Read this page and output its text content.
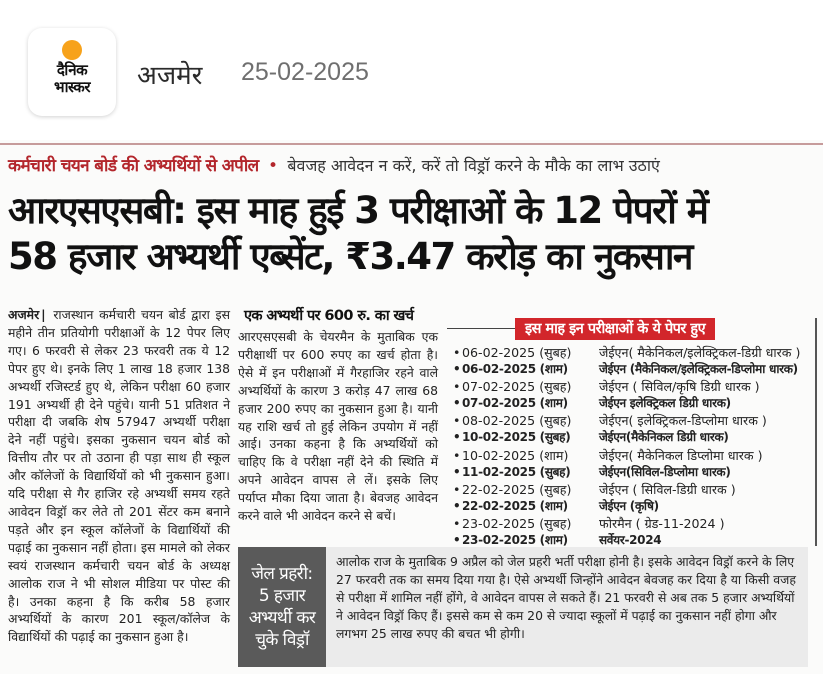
दैनिक
भास्कर अजमेर 25-02-2025
कर्मचारी चयन बोर्ड की अभ्यर्थियों से अपील • बेवजह आवेदन न करें, करें तो विड्रॉ करने के मौके का लाभ उठाएं
आरएसएसबी: इस माह हुई 3 परीक्षाओं के 12 पेपरों में
58 हजार अभ्यर्थी एब्सेंट, ₹3.47 करोड़ का नुकसान
अजमेर | राजस्थान कर्मचारी चयन बोर्ड द्वारा इस महीने तीन प्रतियोगी परीक्षाओं के 12 पेपर लिए गए। 6 फरवरी से लेकर 23 फरवरी तक ये 12 पेपर हुए थे। इनके लिए 1 लाख 18 हजार 138 अभ्यर्थी रजिस्टर्ड हुए थे, लेकिन परीक्षा 60 हजार 191 अभ्यर्थी ही देने पहुंचे। यानी 51 प्रतिशत ने परीक्षा दी जबकि शेष 57947 अभ्यर्थी परीक्षा देने नहीं पहुंचे। इसका नुकसान चयन बोर्ड को वित्तीय तौर पर तो उठाना ही पड़ा साथ ही स्कूल और कॉलेजों के विद्यार्थियों को भी नुकसान हुआ। यदि परीक्षा से गैर हाजिर रहे अभ्यर्थी समय रहते आवेदन विड्रॉ कर लेते तो 201 सेंटर कम बनाने पड़ते और इन स्कूल कॉलेजों के विद्यार्थियों की पढ़ाई का नुकसान नहीं होता। इस मामले को लेकर स्वयं राजस्थान कर्मचारी चयन बोर्ड के अध्यक्ष आलोक राज ने भी सोशल मीडिया पर पोस्ट की है। उनका कहना है कि करीब 58 हजार अभ्यर्थियों के कारण 201 स्कूल/कॉलेज के विद्यार्थियों की पढ़ाई का नुकसान हुआ है।
एक अभ्यर्थी पर 600 रु. का खर्च
आरएसएसबी के चेयरमैन के मुताबिक एक परीक्षार्थी पर 600 रुपए का खर्च होता है। ऐसे में इन परीक्षाओं में गैरहाजिर रहने वाले अभ्यर्थियों के कारण 3 करोड़ 47 लाख 68 हजार 200 रुपए का नुकसान हुआ है। यानी यह राशि खर्च तो हुई लेकिन उपयोग में नहीं आई। उनका कहना है कि अभ्यर्थियों को चाहिए कि वे परीक्षा नहीं देने की स्थिति में अपने आवेदन वापस ले लें। इसके लिए पर्याप्त मौका दिया जाता है। बेवजह आवेदन करने वाले भी आवेदन करने से बचें।
इस माह इन परीक्षाओं के ये पेपर हुए
• 06-02-2025 (सुबह)	जेईएन( मैकेनिकल/इलेक्ट्रिकल-डिग्री धारक )
• 06-02-2025 (शाम)	जेईएन (मैकेनिकल/इलेक्ट्रिकल-डिप्लोमा धारक)
• 07-02-2025 (सुबह)	जेईएन ( सिविल/कृषि डिग्री धारक )
• 07-02-2025 (शाम)	जेईएन इलेक्ट्रिकल डिग्री धारक)
• 08-02-2025 (सुबह)	जेईएन( इलेक्ट्रिकल-डिप्लोमा धारक )
• 10-02-2025 (सुबह)	जेईएन(मैकेनिकल डिग्री धारक)
• 10-02-2025 (शाम)	जेईएन( मैकेनिकल डिप्लोमा धारक )
• 11-02-2025 (सुबह)	जेईएन(सिविल-डिप्लोमा धारक)
• 22-02-2025 (सुबह)	जेईएन ( सिविल-डिग्री धारक )
• 22-02-2025 (शाम)	जेईएन (कृषि)
• 23-02-2025 (सुबह)	फोरमैन ( ग्रेड-11-2024 )
• 23-02-2025 (शाम)	सर्वेयर-2024
जेल प्रहरी:
5 हजार
अभ्यर्थी कर
चुके विड्रॉ
आलोक राज के मुताबिक 9 अप्रैल को जेल प्रहरी भर्ती परीक्षा होनी है। इसके आवेदन विड्रॉ करने के लिए 27 फरवरी तक का समय दिया गया है। ऐसे अभ्यर्थी जिन्होंने आवेदन बेवजह कर दिया है या किसी वजह से परीक्षा में शामिल नहीं होंगे, वे आवेदन वापस ले सकते हैं। 21 फरवरी से अब तक 5 हजार अभ्यर्थियों ने आवेदन विड्रॉ किए हैं। इससे कम से कम 20 से ज्यादा स्कूलों में पढ़ाई का नुकसान नहीं होगा और लगभग 25 लाख रुपए की बचत भी होगी।
